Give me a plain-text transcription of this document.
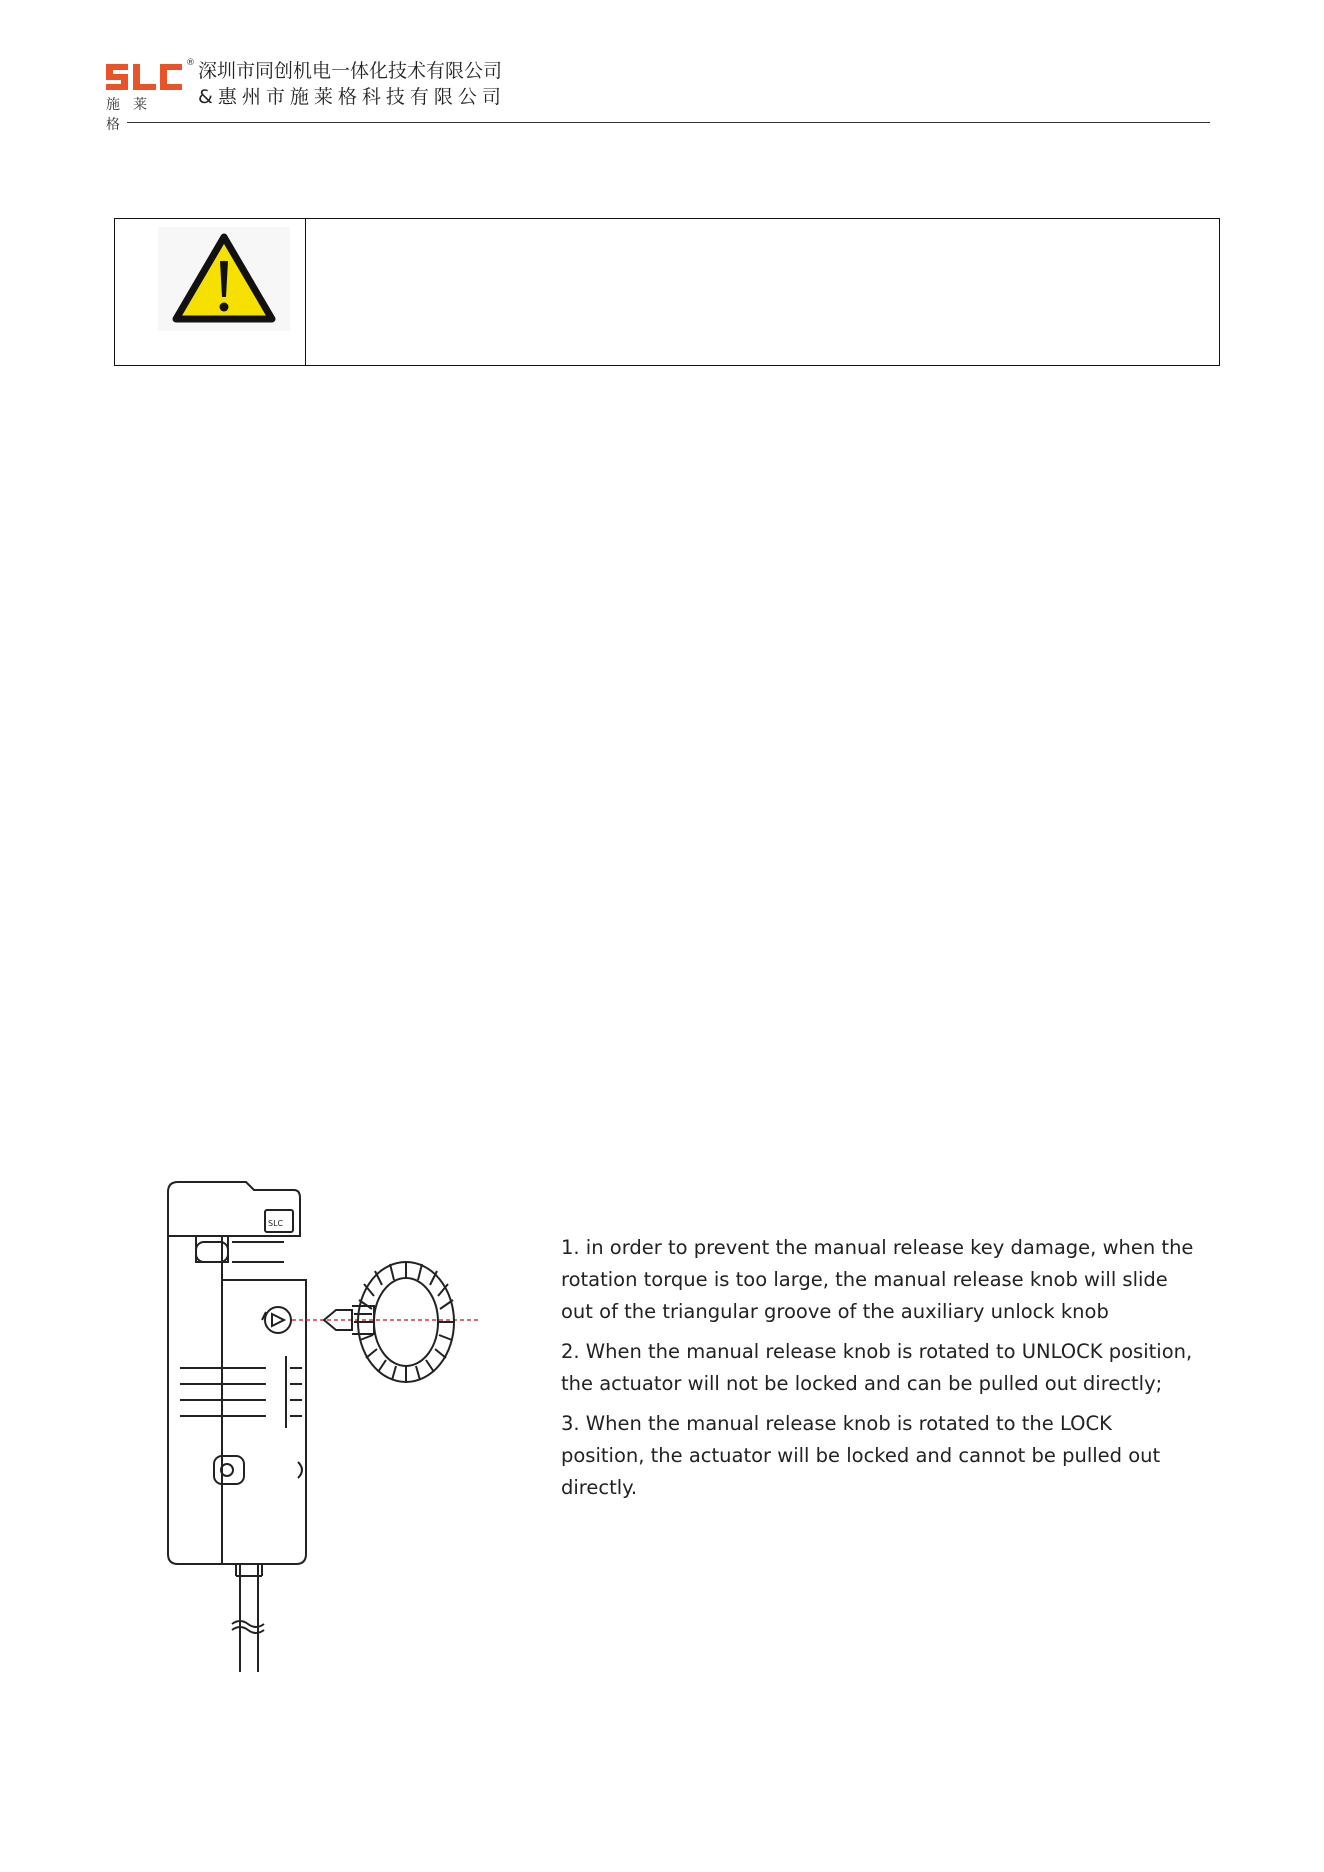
®
施莱格
深圳市同创机电一体化技术有限公司
&惠州市施莱格科技有限公司
SLC

1. in order to prevent the manual release key damage, when the rotation torque is too large, the manual release knob will slide out of the triangular groove of the auxiliary unlock knob

2. When the manual release knob is rotated to UNLOCK position, the actuator will not be locked and can be pulled out directly;

3. When the manual release knob is rotated to the LOCK position, the actuator will be locked and cannot be pulled out directly.
